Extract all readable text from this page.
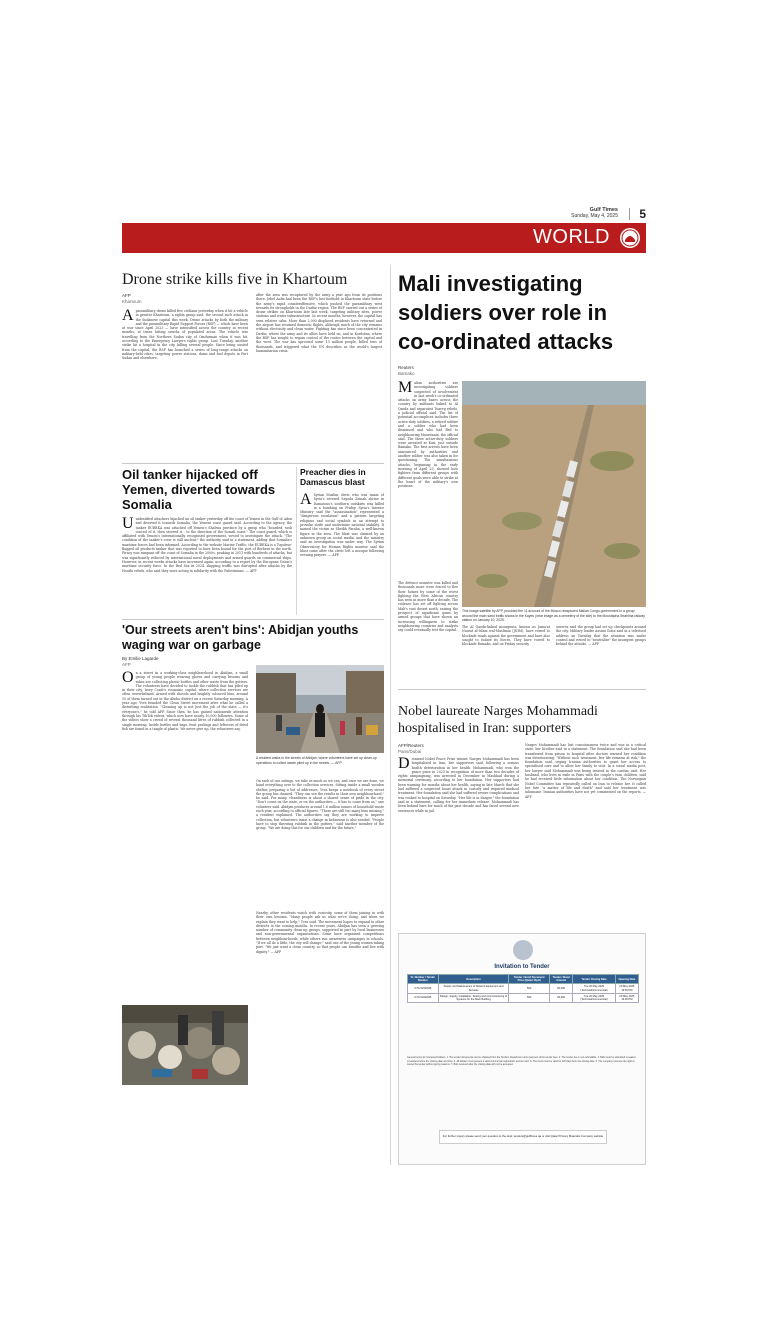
Gulf Times
Sunday, May 4, 2025 5
WORLD
Drone strike kills five in Khartoum
AFP
Khartoum
Aparamilitary drone killed five civilians yesterday when it hit a vehicle in greater Khartoum, a rights group said, the second such attack in the Sudanese capital this week. Drone attacks by both the military and the paramilitary Rapid Support Forces (RSF) — which have been at war since April 2023 — have intensified across the country in recent months, at times hitting swaths of populated areas. The vehicle was travelling from the Northern Sudan city of Omdurman when it was hit, according to the Emergency Lawyers rights group. Last Tuesday, another strike hit a hospital in the city, killing several people. Since being ousted from the capital, the RSF has launched a series of long-range attacks on military-held cities, targeting power stations, dams and fuel depots in Port Sudan and elsewhere.
after the area was recaptured by the army a year ago from its positions there. Jebel Aulia had been the RSF's last foothold in Khartoum state before the army's rapid counteroffensive, which pushed the paramilitary west towards its strongholds in the Darfur region. The RSF carried out a series of drone strikes on Khartoum late last week, targeting military sites, power stations and water infrastructure. In recent months, however, the capital has seen relative calm. More than 2,000 displaced residents have returned and the airport has resumed domestic flights, although much of the city remains without electricity and clean water. Fighting has since been concentrated in Darfur, where the army and its allies have held on, and in Kordofan, where the RSF has sought to regain control of the routes between the capital and the west. The war has uprooted some 13 million people, killed tens of thousands, and triggered what the UN describes as the world's largest humanitarian crisis.
Oil tanker hijacked off Yemen, diverted towards Somalia
Unidentified attackers hijacked an oil tanker yesterday off the coast of Yemen in the Gulf of Aden and diverted it towards Somalia, the Yemeni coast guard said. According to the agency, the tanker EUREKA was attacked off Yemen's Shabwa province by a group who "boarded, took control of it, then steered it... to the direction of the Somali coast." The coast guard, which is affiliated with Yemen's internationally recognised government, vowed to investigate the attack. "The condition of the tanker's crew is still unclear," the authority said in a statement, adding that Somalia's maritime forces had been informed. According to the website Marine Traffic, the EUREKA is a Togolese-flagged oil products tanker that was reported to have been bound for the port of Berbera in the north. Piracy was rampant off the coast of Somalia in the 2000s, peaking in 2011 with hundreds of attacks, but was significantly reduced by international naval deployments and armed guards on commercial ships. However, in recent weeks attacks have increased again, according to a report by the European Union's maritime security force. In the Red Sea in 2024, shipping traffic was disrupted after attacks by the Houthi rebels, who said they were acting in solidarity with the Palestinians. — AFP
Preacher dies in Damascus blast
A Syrian Muslim cleric who was imam of Syria's revered Sayeda Zeinab shrine in Damascus's southern outskirts was killed in a bombing on Friday. Syria's Interior Ministry said the "assassination" represented a "dangerous escalation" and a pattern targeting religious and social symbols in an attempt to provoke strife and undermine national stability. It named the victim as Sheikh Faraha, a well-known figure in the area. The blast was claimed by an unknown group on social media, and the ministry said an investigation was under way. The Syrian Observatory for Human Rights monitor said the blast came after the cleric left a mosque following evening prayers. — AFP
'Our streets aren't bins': Abidjan youths waging war on garbage
By Emilie Lagarde
AFP
On a street in a working-class neighbourhood in Abidjan, a small group of young people wearing gloves and carrying brooms and rakes are collecting plastic bottles and other waste from the gutters. The volunteers have decided to tackle the rubbish that has piled up in their city, Ivory Coast's economic capital, where collection services are often overwhelmed. Armed with shovels and brightly coloured bins, around 10 of them turned out in the Abobo district on a recent Saturday morning. A year ago, Yves founded the Clean Street movement after what he called a disturbing realisation. "Cleaning up is not just the job of the state — it's everyone's," he told AFP. Since then, he has gained nationwide attention through his TikTok videos, which now have nearly 10,000 followers. Some of the videos show a crowd of several thousand litres of rubbish collected in a single morning. Inside bottles and bags, fruit peelings and leftovers of dried fish are found in a tangle of plastic. We never give up, the volunteers say.
A resident walks in the streets of Abidjan, where volunteers have set up clean-up operations to collect waste piled up in the streets. — AFP
On each of our outings, we take as much as we can, and once we are done, we hand everything over to the collection services. Sitting inside a small wooden shelter, preparing a list of addresses, Yves keeps a notebook of every street the group has cleaned. "They can see the results in their own neighbourhood," he said. For many, cleanliness is about a shared sense of pride in the city. "Don't count on the state, or on the authorities — it has to come from us," one volunteer said. Abidjan produces around 1.6 million tonnes of household waste each year, according to official figures. "There are still too many bins missing," a resident explained. The authorities say they are working to improve collection, but volunteers insist a change in behaviour is also needed. "People have to stop throwing rubbish in the gutters," said another member of the group. "We are doing this for our children and for the future."
Nearby, other residents watch with curiosity, some of them joining in with their own brooms. "Many people ask us what we're doing, and when we explain they want to help," Yves said. The movement hopes to expand to other districts in the coming months. In recent years, Abidjan has seen a growing number of community clean-up groups, supported in part by local businesses and non-governmental organisations. Some have organised competitions between neighbourhoods, while others run awareness campaigns in schools. "If we all do a little, the city will change," said one of the young women taking part. "We just want a clean country, so that people can breathe and live with dignity." — AFP
Mali investigating soldiers over role in co-ordinated attacks
Reuters
Bamako
Malian authorities are investigating soldiers suspected of involvement in last week's co-ordinated attacks on army bases across the country by militants linked to Al Qaeda and separatist Tuareg rebels, a judicial official said. The list of potential accomplices includes three active-duty soldiers, a retired soldier and a soldier who had been dismissed and who had fled to neighbouring Mauritania, the official said. The three active-duty soldiers were arrested at Kati, just outside Bamako. The first arrests have been announced by authorities and another soldier was also taken in for questioning. The simultaneous attacks, beginning in the early morning of April 25, showed how fighters from different groups with different goals were able to strike at the heart of the military's own positions.
The defence minister was killed and thousands more were forced to flee their homes by some of the worst fighting the West African country has seen in more than a decade. The violence has set off fighting across Mali's vast desert north, raising the prospect of significant gains by armed groups that have shown an increasing willingness to strike neighbouring countries and analysts say could eventually test the capital.
This image satellite by AFP, provided the 11 account of the Mosco recaptured Malian Congo government in a group around the main sand traffic shows in the Kayes (near image as a cemetery of the site) to the Moustapha Ibrahima railway station on January 10, 2025.
The Al Qaeda-linked insurgents, known as Jama'at Nusrat al-Islam wal-Muslimin (JNIM), have vowed to blockade roads against the government and have also sought to isolate its forces. They have vowed to blockade Bamako, and on Friday security
sources said the group had set up checkpoints around the city. Military leader Assimi Goita said in a televised address on Tuesday that the situation was under control and vowed to "neutralise" the insurgent groups behind the attacks. — AFP
Nobel laureate Narges Mohammadi hospitalised in Iran: supporters
AFP/Reuters
Paris/Dubai
Detained Nobel Peace Prize winner Narges Mohammadi has been hospitalised in Iran, her supporters said, following a serious health deterioration in her health. Mohammadi, who won the peace prize in 2023 in recognition of more than two decades of rights campaigning, was arrested in December in Mashhad during a memorial ceremony, according to her foundation. Her supporters had been warning for months about her health, saying in late March that she had suffered a suspected heart attack in custody and required medical treatment. Her foundation said she had suffered severe complications and was rushed to hospital on Saturday. "Her life is in danger," the foundation said in a statement, calling for her immediate release. Mohammadi has been behind bars for much of the past decade and has faced several new sentences while in jail.
Narges Mohammadi has lost consciousness twice and was in a critical state, her brother said in a statement. The foundation said she had been transferred from prison to hospital after doctors warned her condition was deteriorating. "Without such treatment, her life remains at risk," the foundation said, urging Iranian authorities to grant her access to specialised care and to allow her family to visit. In a social media post, her lawyer said Mohammadi was being treated in the cardiac unit. Her husband, who lives in exile in Paris with the couple's twin children, said he had received little information about her condition. The Norwegian Nobel Committee has repeatedly called on Iran to release her. It called her fate "a matter of life and death" and said her treatment was inhumane. Iranian authorities have not yet commented on the reports. — AFP
Invitation to Tender
Sr. Number / Tender Number	Description	Tender / Bond Document Price (Qatari Riyal)	Tender / Bond Amount	Tender Closing Date	Opening Date
GTC/123/2025	Supply and Maintenance of Network Equipment and Services	500	50,000	Tue 20 May 2025 (Technical/Commercial)	20 May 2025 13:00 PM
GTC/124/2025	Design, Supply, Installation, Testing and Commissioning of Systems for the Main Building	500	25,000	Tue 20 May 2025 (Technical/Commercial)	20 May 2025 13:00 PM
General terms for interested bidders: 1. The tender documents can be obtained from the Tenders Department upon payment of the tender fees. 2. The tender fee is non-refundable. 3. Bids must be submitted in sealed envelopes before the closing date and time. 4. All bidders must present a valid commercial registration and tax card. 5. The bond must be valid for 120 days from the closing date. 6. The company reserves the right to cancel the tender without giving reasons. 7. Bids received after the closing date will not be accepted.
For further inquiry please send your question to the dept: tenders@gulftimes.qa or visit Qatar Primary Materials Company website
